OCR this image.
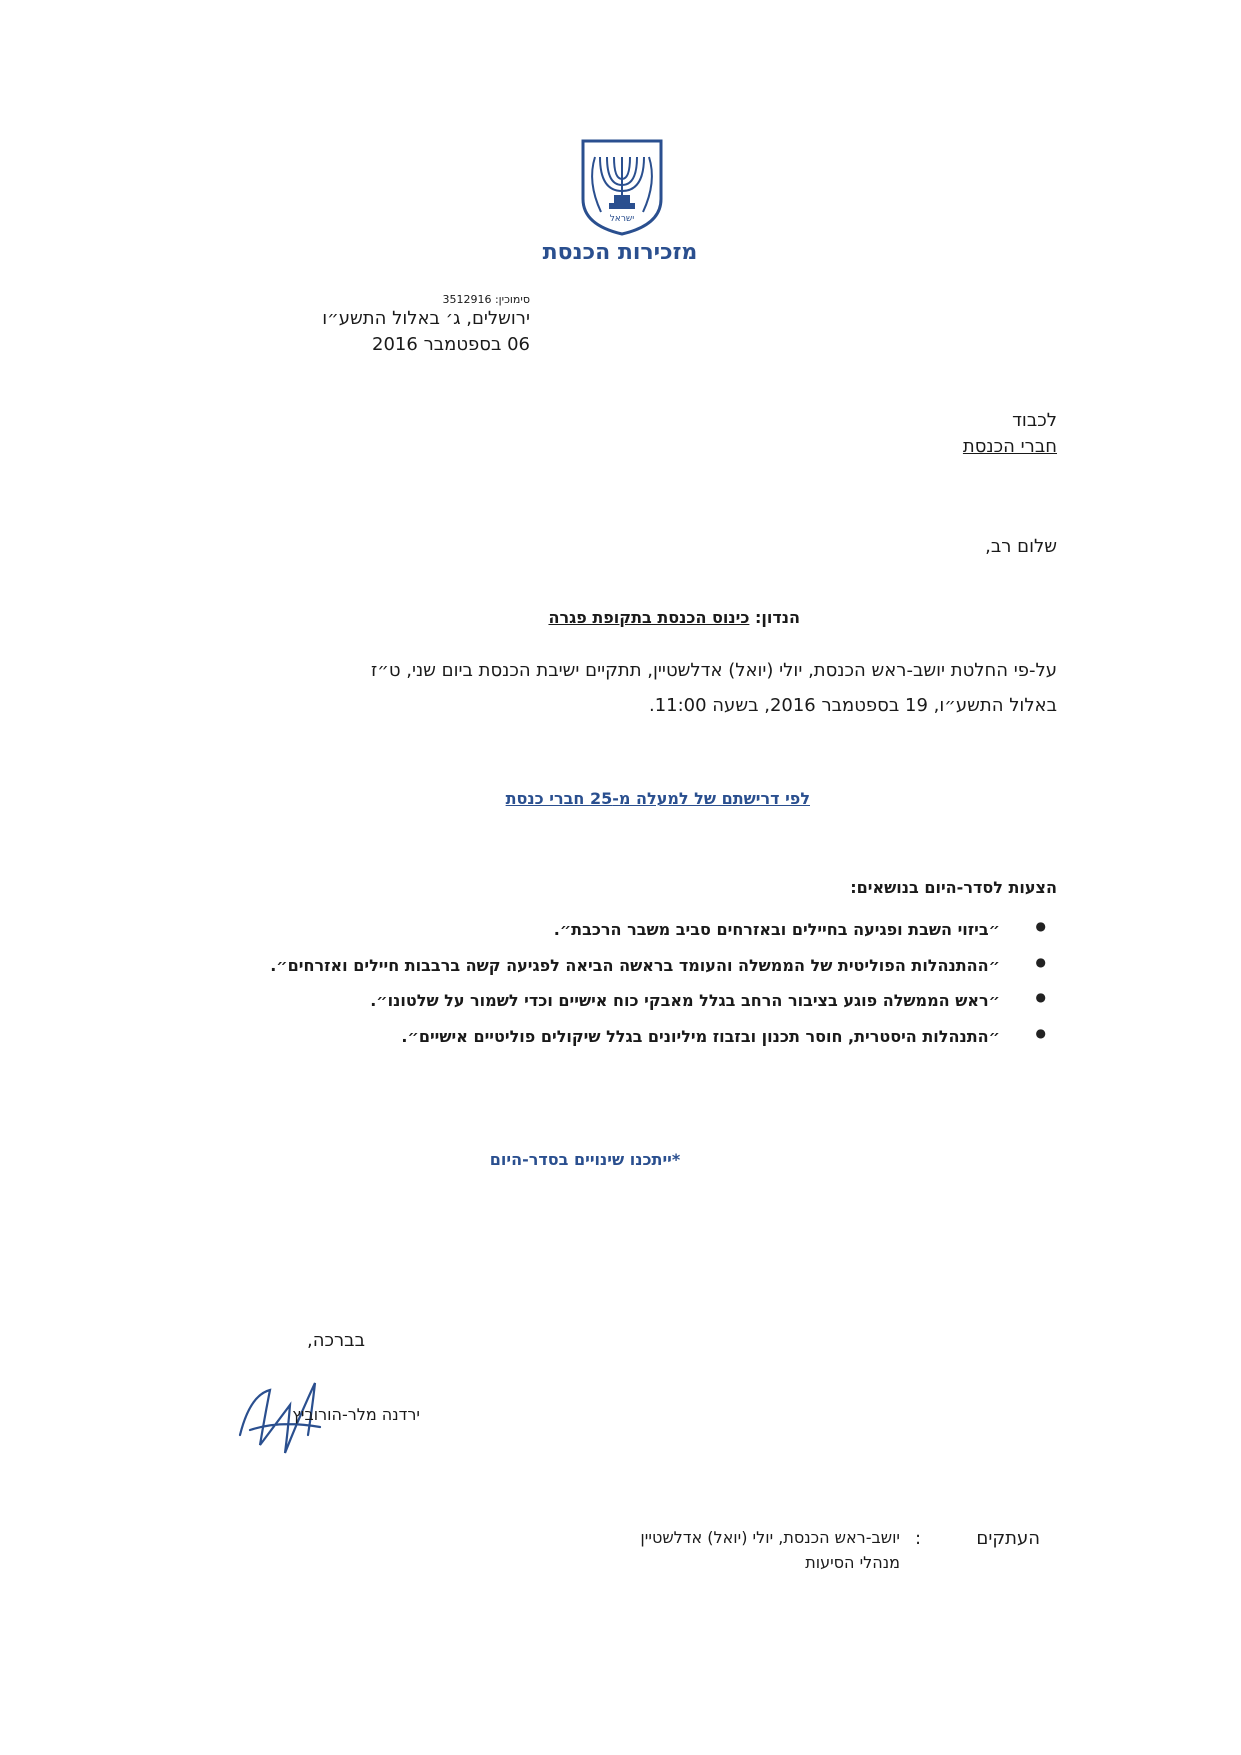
ישראל
מזכירות הכנסת
סימוכין: 3512916
ירושלים, ג׳ באלול התשע״ו
06 בספטמבר 2016
לכבוד
חברי הכנסת
שלום רב,
הנדון: כינוס הכנסת בתקופת פגרה
על-פי החלטת יושב-ראש הכנסת, יולי (יואל) אדלשטיין, תתקיים ישיבת הכנסת ביום שני, ט״ז
באלול התשע״ו, 19 בספטמבר 2016, בשעה 11:00.
לפי דרישתם של למעלה מ-25 חברי כנסת
הצעות לסדר-היום בנושאים:
● ״ביזוי השבת ופגיעה בחיילים ובאזרחים סביב משבר הרכבת״.
● ״ההתנהלות הפוליטית של הממשלה והעומד בראשה הביאה לפגיעה קשה ברבבות חיילים ואזרחים״.
● ״ראש הממשלה פוגע בציבור הרחב בגלל מאבקי כוח אישיים וכדי לשמור על שלטונו״.
● ״התנהלות היסטרית, חוסר תכנון ובזבוז מיליונים בגלל שיקולים פוליטיים אישיים״.
*ייתכנו שינויים בסדר-היום
בברכה,
ירדנה מלר-הורוביץ
העתקים
:
יושב-ראש הכנסת, יולי (יואל) אדלשטיין
מנהלי הסיעות
